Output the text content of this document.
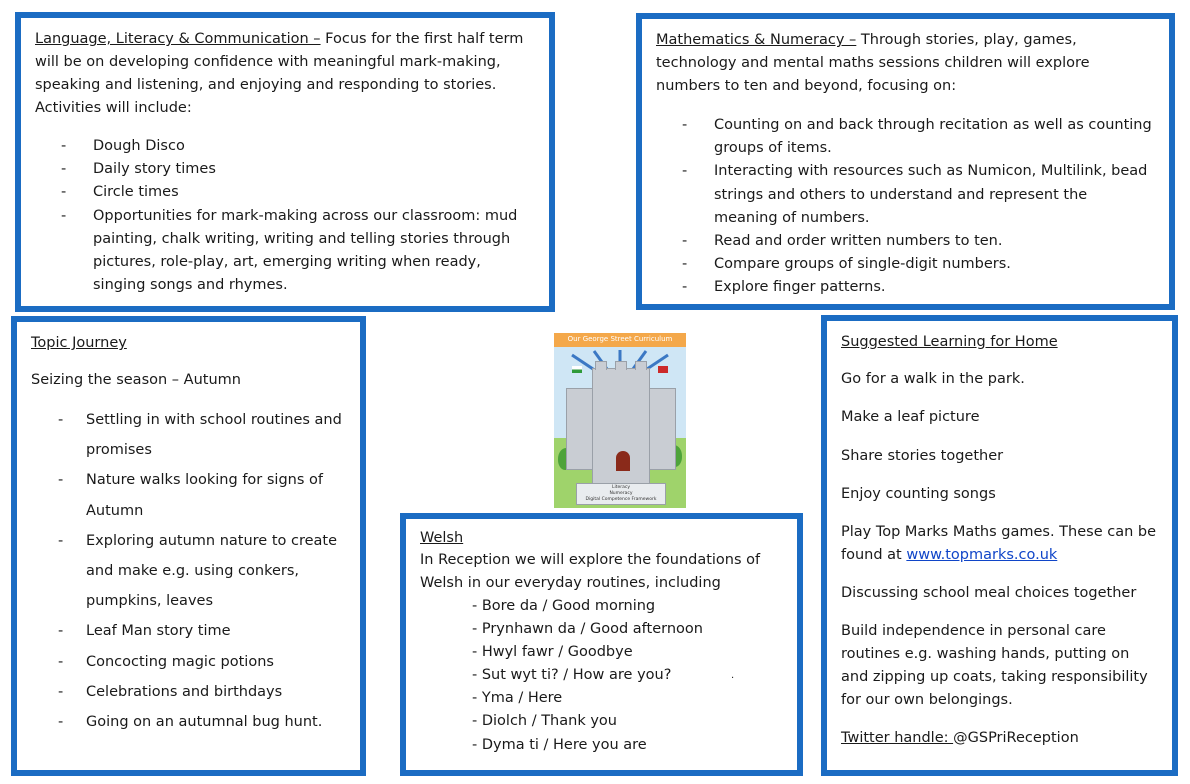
Language, Literacy & Communication – Focus for the first half term will be on developing confidence with meaningful mark-making, speaking and listening, and enjoying and responding to stories. Activities will include:

- Dough Disco
- Daily story times
- Circle times
- Opportunities for mark-making across our classroom: mud painting, chalk writing, writing and telling stories through pictures, role-play, art, emerging writing when ready, singing songs and rhymes.

Mathematics & Numeracy – Through stories, play, games, technology and mental maths sessions children will explore numbers to ten and beyond, focusing on:

- Counting on and back through recitation as well as counting groups of items.
- Interacting with resources such as Numicon, Multilink, bead strings and others to understand and represent the meaning of numbers.
- Read and order written numbers to ten.
- Compare groups of single-digit numbers.
- Explore finger patterns.

Topic Journey

Seizing the season – Autumn

- Settling in with school routines and promises
- Nature walks looking for signs of Autumn
- Exploring autumn nature to create and make e.g. using conkers, pumpkins, leaves
- Leaf Man story time
- Concocting magic potions
- Celebrations and birthdays
- Going on an autumnal bug hunt.
Our George Street Curriculum
Literacy
Numeracy
Digital Competence Framework

Welsh

In Reception we will explore the foundations of Welsh in our everyday routines, including

- Bore da / Good morning
- Prynhawn da / Good afternoon
- Hwyl fawr / Goodbye
- Sut wyt ti? / How are you?
- Yma / Here
- Diolch / Thank you
- Dyma ti / Here you are
·

Suggested Learning for Home

Go for a walk in the park.

Make a leaf picture

Share stories together

Enjoy counting songs

Play Top Marks Maths games. These can be found at www.topmarks.co.uk

Discussing school meal choices together

Build independence in personal care routines e.g. washing hands, putting on and zipping up coats, taking responsibility for our own belongings.

Twitter handle: @GSPriReception
